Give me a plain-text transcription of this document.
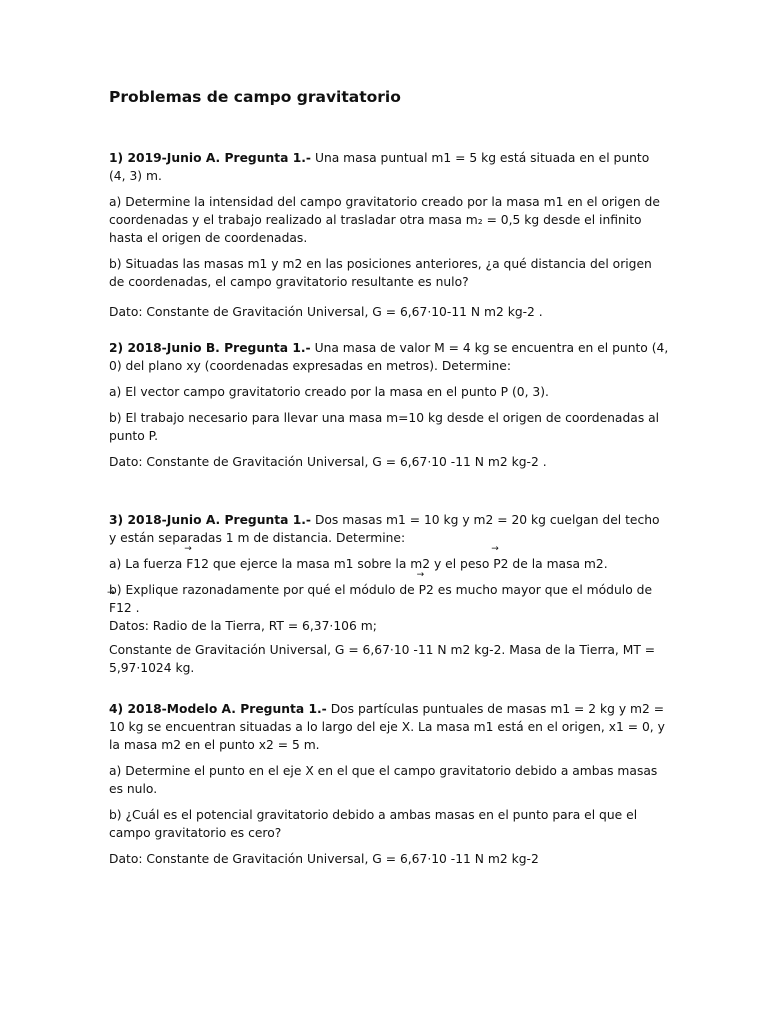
Problemas de campo gravitatorio

1) 2019-Junio A. Pregunta 1.- Una masa puntual m1 = 5 kg está situada en el punto (4, 3) m.

a) Determine la intensidad del campo gravitatorio creado por la masa m1 en el origen de coordenadas y el trabajo realizado al trasladar otra masa m₂ = 0,5 kg desde el infinito hasta el origen de coordenadas.

b) Situadas las masas m1 y m2 en las posiciones anteriores, ¿a qué distancia del origen de coordenadas, el campo gravitatorio resultante es nulo?

Dato: Constante de Gravitación Universal, G = 6,67·10-11 N m2 kg-2 .

2) 2018-Junio B. Pregunta 1.- Una masa de valor M = 4 kg se encuentra en el punto (4, 0) del plano xy (coordenadas expresadas en metros). Determine:

a) El vector campo gravitatorio creado por la masa en el punto P (0, 3).

b) El trabajo necesario para llevar una masa m=10 kg desde el origen de coordenadas al punto P.

Dato: Constante de Gravitación Universal, G = 6,67·10 -11 N m2 kg-2 .

3) 2018-Junio A. Pregunta 1.- Dos masas m1 = 10 kg y m2 = 20 kg cuelgan del techo y están separadas 1 m de distancia. Determine:

a) La fuerza → F12 que ejerce la masa m1 sobre la m2 y el peso → P2 de la masa m2.

b) Explique razonadamente por qué el módulo de → P2 es mucho mayor que el módulo de → F12 .
Datos: Radio de la Tierra, RT = 6,37·106 m;

Constante de Gravitación Universal, G = 6,67·10 -11 N m2 kg-2. Masa de la Tierra, MT = 5,97·1024 kg.

4) 2018-Modelo A. Pregunta 1.- Dos partículas puntuales de masas m1 = 2 kg y m2 = 10 kg se encuentran situadas a lo largo del eje X. La masa m1 está en el origen, x1 = 0, y la masa m2 en el punto x2 = 5 m.

a) Determine el punto en el eje X en el que el campo gravitatorio debido a ambas masas es nulo.

b) ¿Cuál es el potencial gravitatorio debido a ambas masas en el punto para el que el campo gravitatorio es cero?

Dato: Constante de Gravitación Universal, G = 6,67·10 -11 N m2 kg-2
